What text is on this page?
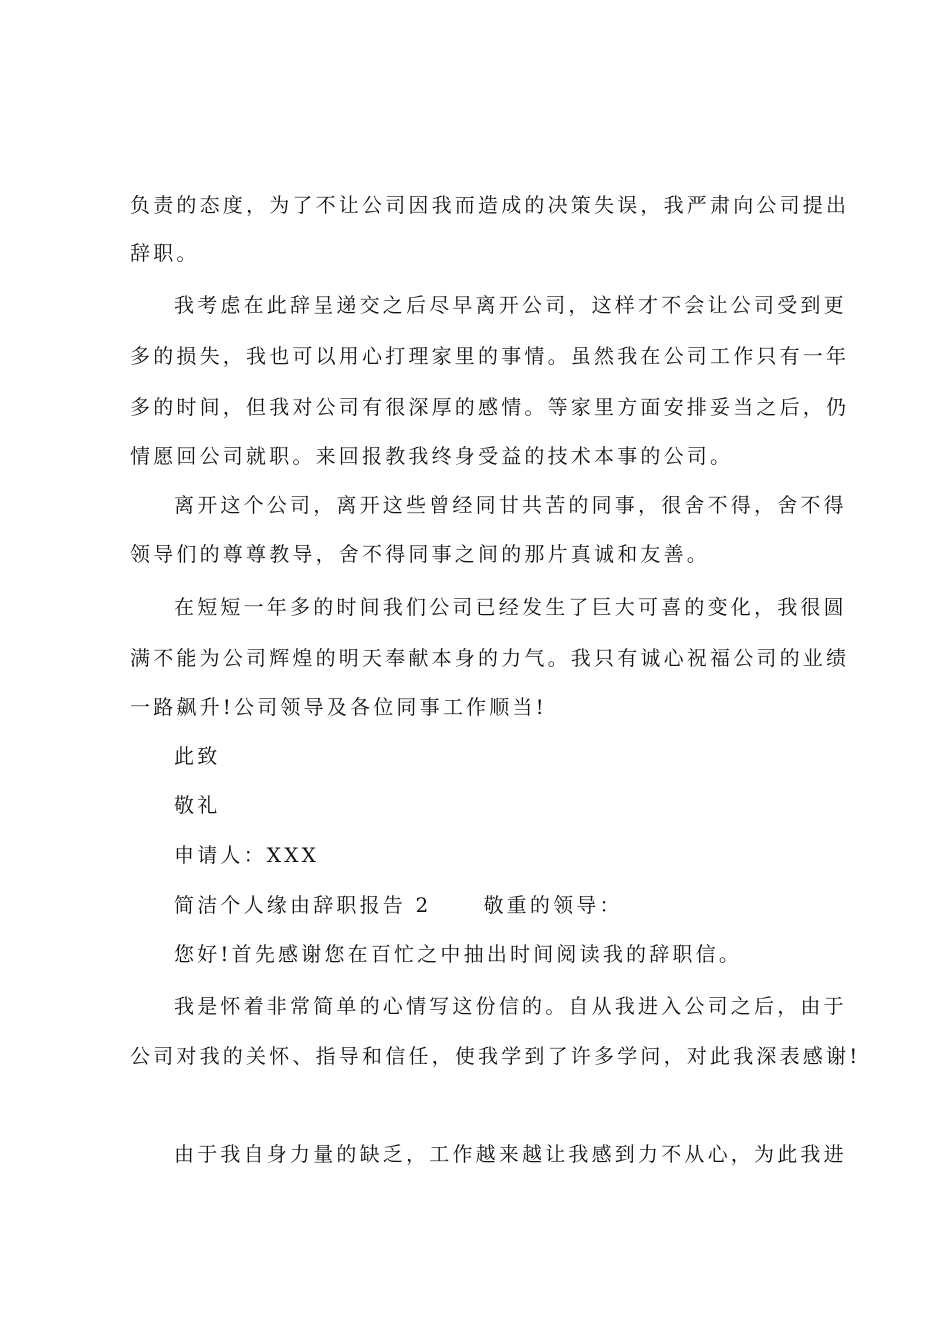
负责的态度，为了不让公司因我而造成的决策失误，我严肃向公司提出
辞职。
我考虑在此辞呈递交之后尽早离开公司，这样才不会让公司受到更
多的损失，我也可以用心打理家里的事情。虽然我在公司工作只有一年
多的时间，但我对公司有很深厚的感情。等家里方面安排妥当之后，仍
情愿回公司就职。来回报教我终身受益的技术本事的公司。
离开这个公司，离开这些曾经同甘共苦的同事，很舍不得，舍不得
领导们的尊尊教导，舍不得同事之间的那片真诚和友善。
在短短一年多的时间我们公司已经发生了巨大可喜的变化，我很圆
满不能为公司辉煌的明天奉献本身的力气。我只有诚心祝福公司的业绩
一路飙升!公司领导及各位同事工作顺当!
此致
敬礼
申请人：XXX
简洁个人缘由辞职报告 2	敬重的领导：
您好!首先感谢您在百忙之中抽出时间阅读我的辞职信。
我是怀着非常简单的心情写这份信的。自从我进入公司之后，由于
公司对我的关怀、指导和信任，使我学到了许多学问，对此我深表感谢!
由于我自身力量的缺乏，工作越来越让我感到力不从心，为此我进
